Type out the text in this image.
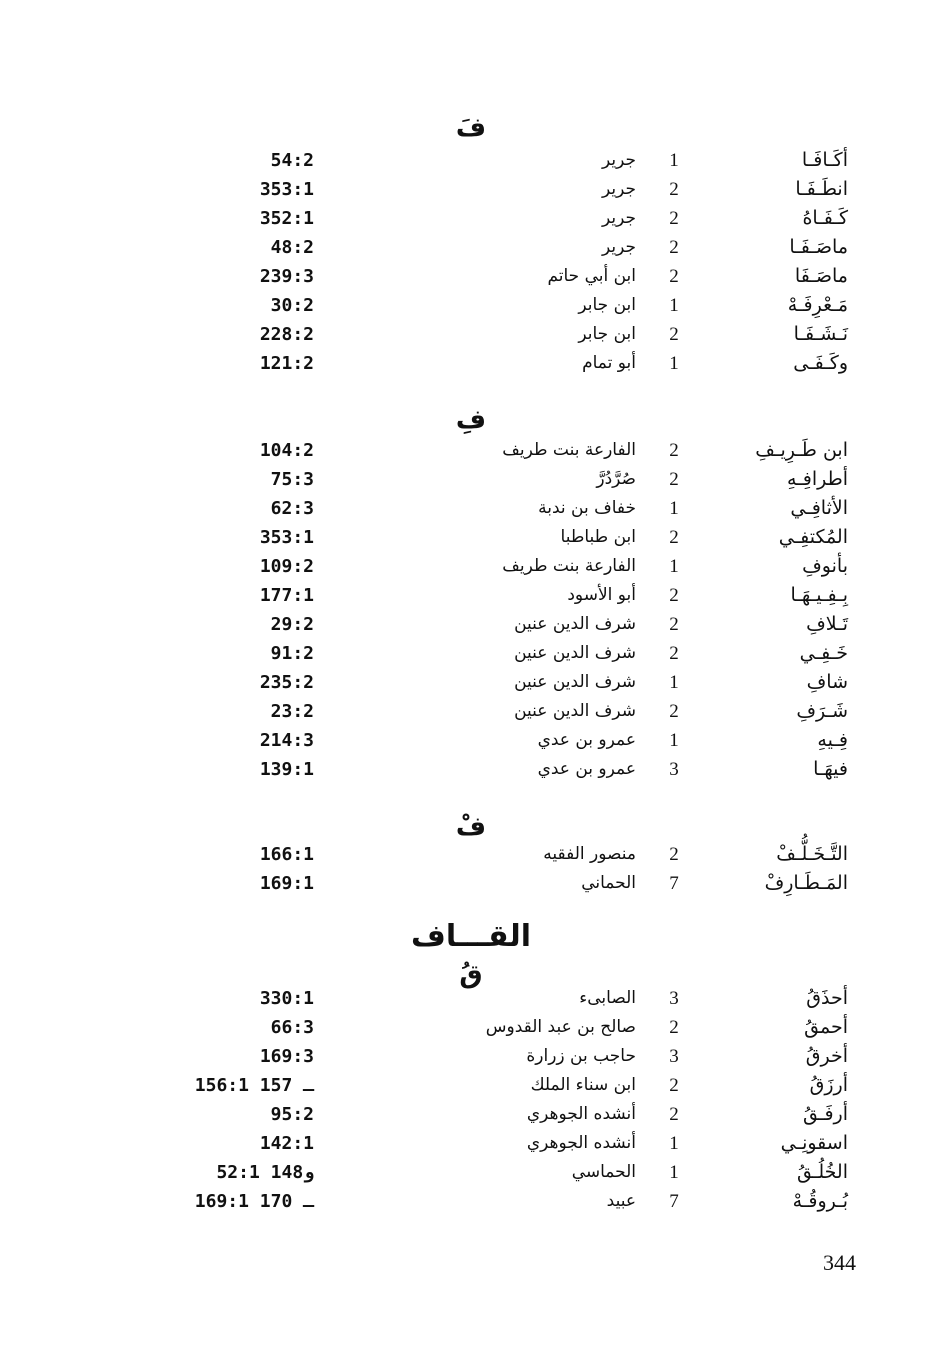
فَ
أكَـافَـا
1
جرير
54:2
انطَـفَـا
2
جرير
353:1
كَـفَـاهُ
2
جرير
352:1
ماصَـفَـا
2
جرير
48:2
ماصَـفَا
2
ابن أبي حاتم
239:3
مَـعْرِفَـهْ
1
ابن جابر
30:2
نَـشَـفَـا
2
ابن جابر
228:2
وكَـفَـى
1
أبو تمام
121:2
فِ
ابن طَـرِيـفِ
2
الفارعة بنت طريف
104:2
أطرافِـهِ
2
صُرَّدُرَّ
75:3
الأثافِـي
1
خفاف بن ندبة
62:3
المُكتفِـي
2
ابن طباطبا
353:1
بأنوفِ
1
الفارعة بنت طريف
109:2
بِـفِـيـهَـا
2
أبو الأسود
177:1
تَـلافِ
2
شرف الدين عنين
29:2
خَـفِـي
2
شرف الدين عنين
91:2
شافِ
1
شرف الدين عنين
235:2
شَـرَفِ
2
شرف الدين عنين
23:2
فِـيهِ
1
عمرو بن عدي
214:3
فيهَـا
3
عمرو بن عدي
139:1
فْ
التَّـخَـلُّـفْ
2
منصور الفقيه
166:1
المَـطَـارِفْ
7
الحماني
169:1
القـــاف
قُ
أحذَقُ
3
الصابىء
330:1
أحمقُ
2
صالح بن عبد القدوس
66:3
أخرقُ
3
حاجب بن زرارة
169:3
أرزَقُ
2
ابن سناء الملك
156:1 ـ 157
أرفَـقُ
2
أنشده الجوهري
95:2
اسقونِـي
1
أنشده الجوهري
142:1
الخُلُـقُ
1
الحماسي
52:1 و148
بُـروقُـهْ
7
عبيد
169:1 ـ 170
344
